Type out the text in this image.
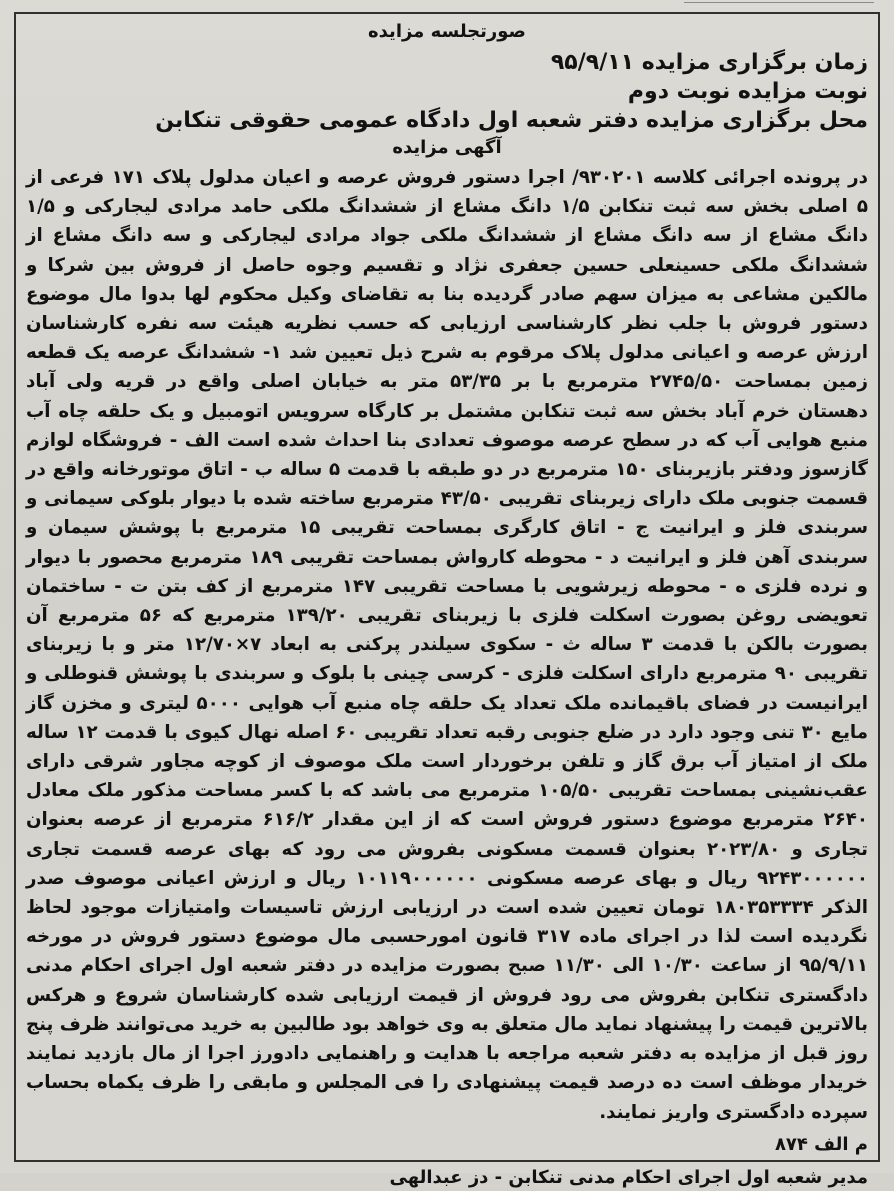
صورتجلسه مزایده
زمان برگزاری مزایده ۹۵/۹/۱۱
نوبت مزایده نوبت دوم
محل برگزاری مزایده دفتر شعبه اول دادگاه عمومی حقوقی تنکابن
آگهی مزایده

در پرونده اجرائی کلاسه ۹۳۰۲۰۱/ اجرا دستور فروش عرصه و اعیان مدلول پلاک ۱۷۱ فرعی از ۵ اصلی بخش سه ثبت تنکابن ۱/۵ دانگ مشاع از ششدانگ ملکی حامد مرادی لیجارکی و ۱/۵ دانگ مشاع از سه دانگ مشاع از ششدانگ ملکی جواد مرادی لیجارکی و سه دانگ مشاع از ششدانگ ملکی حسینعلی حسین جعفری نژاد و تقسیم وجوه حاصل از فروش بین شرکا و مالکین مشاعی به میزان سهم صادر گردیده بنا به تقاضای وکیل محکوم لها بدوا مال موضوع دستور فروش با جلب نظر کارشناسی ارزیابی که حسب نظریه هیئت سه نفره کارشناسان ارزش عرصه و اعیانی مدلول پلاک مرقوم به شرح ذیل تعیین شد ۱- ششدانگ عرصه یک قطعه زمین بمساحت ۲۷۴۵/۵۰ مترمربع با بر ۵۳/۳۵ متر به خیابان اصلی واقع در قریه ولی آباد دهستان خرم آباد بخش سه ثبت تنکابن مشتمل بر کارگاه سرویس اتومبیل و یک حلقه چاه آب منبع هوایی آب که در سطح عرصه موصوف تعدادی بنا احداث شده است الف - فروشگاه لوازم گازسوز ودفتر بازیربنای ۱۵۰ مترمربع در دو طبقه با قدمت ۵ ساله ب - اتاق موتورخانه واقع در قسمت جنوبی ملک دارای زیربنای تقریبی ۴۳/۵۰ مترمربع ساخته شده با دیوار بلوکی سیمانی و سربندی فلز و ایرانیت ج - اتاق کارگری بمساحت تقریبی ۱۵ مترمربع با پوشش سیمان و سربندی آهن فلز و ایرانیت د - محوطه کارواش بمساحت تقریبی ۱۸۹ مترمربع محصور با دیوار و نرده فلزی ه - محوطه زیرشویی با مساحت تقریبی ۱۴۷ مترمربع از کف بتن ت - ساختمان تعویضی روغن بصورت اسکلت فلزی با زیربنای تقریبی ۱۳۹/۲۰ مترمربع که ۵۶ مترمربع آن بصورت بالکن با قدمت ۳ ساله ث - سکوی سیلندر پرکنی به ابعاد ۷×۱۲/۷۰ متر و با زیربنای تقریبی ۹۰ مترمربع دارای اسکلت فلزی - کرسی چینی با بلوک و سربندی با پوشش قنوطلی و ایرانیست در فضای باقیمانده ملک تعداد یک حلقه چاه منبع آب هوایی ۵۰۰۰ لیتری و مخزن گاز مایع ۳۰ تنی وجود دارد در ضلع جنوبی رقبه تعداد تقریبی ۶۰ اصله نهال کیوی با قدمت ۱۲ ساله ملک از امتیاز آب برق گاز و تلفن برخوردار است ملک موصوف از کوچه مجاور شرقی دارای عقب‌نشینی بمساحت تقریبی ۱۰۵/۵۰ مترمربع می باشد که با کسر مساحت مذکور ملک معادل ۲۶۴۰ مترمربع موضوع دستور فروش است که از این مقدار ۶۱۶/۲ مترمربع از عرصه بعنوان تجاری و ۲۰۲۳/۸۰ بعنوان قسمت مسکونی بفروش می رود که بهای عرصه قسمت تجاری ۹۲۴۳۰۰۰۰۰۰ ریال و بهای عرصه مسکونی ۱۰۱۱۹۰۰۰۰۰۰ ریال و ارزش اعیانی موصوف صدر الذکر ۱۸۰۳۵۳۳۳۴ تومان تعیین شده است در ارزیابی ارزش تاسیسات وامتیازات موجود لحاظ نگردیده است لذا در اجرای ماده ۳۱۷ قانون امورحسبی مال موضوع دستور فروش در مورخه ۹۵/۹/۱۱ از ساعت ۱۰/۳۰ الی ۱۱/۳۰ صبح بصورت مزایده در دفتر شعبه اول اجرای احکام مدنی دادگستری تنکابن بفروش می رود فروش از قیمت ارزیابی شده کارشناسان شروع و هرکس بالاترین قیمت را پیشنهاد نماید مال متعلق به وی خواهد بود طالبین به خرید می‌توانند ظرف پنج روز قبل از مزایده به دفتر شعبه مراجعه با هدایت و راهنمایی دادورز اجرا از مال بازدید نمایند خریدار موظف است ده درصد قیمت پیشنهادی را فی المجلس و مابقی را ظرف یکماه بحساب سپرده دادگستری واریز نمایند.

م الف ۸۷۴
مدیر شعبه اول اجرای احکام مدنی تنکابن - دز عبدالهی
